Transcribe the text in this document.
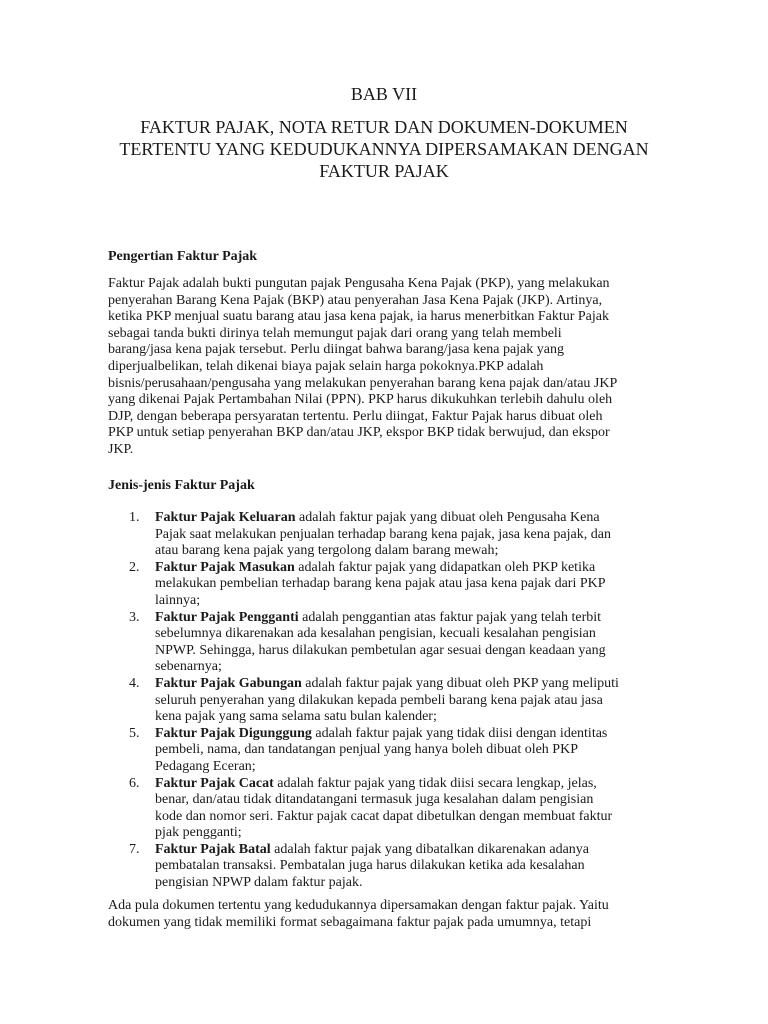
BAB VII
FAKTUR PAJAK, NOTA RETUR DAN DOKUMEN-DOKUMEN
TERTENTU YANG KEDUDUKANNYA DIPERSAMAKAN DENGAN
FAKTUR PAJAK
Pengertian Faktur Pajak
Faktur Pajak adalah bukti pungutan pajak Pengusaha Kena Pajak (PKP), yang melakukan
penyerahan Barang Kena Pajak (BKP) atau penyerahan Jasa Kena Pajak (JKP). Artinya,
ketika PKP menjual suatu barang atau jasa kena pajak, ia harus menerbitkan Faktur Pajak
sebagai tanda bukti dirinya telah memungut pajak dari orang yang telah membeli
barang/jasa kena pajak tersebut. Perlu diingat bahwa barang/jasa kena pajak yang
diperjualbelikan, telah dikenai biaya pajak selain harga pokoknya.PKP adalah
bisnis/perusahaan/pengusaha yang melakukan penyerahan barang kena pajak dan/atau JKP
yang dikenai Pajak Pertambahan Nilai (PPN). PKP harus dikukuhkan terlebih dahulu oleh
DJP, dengan beberapa persyaratan tertentu. Perlu diingat, Faktur Pajak harus dibuat oleh
PKP untuk setiap penyerahan BKP dan/atau JKP, ekspor BKP tidak berwujud, dan ekspor
JKP.
Jenis-jenis Faktur Pajak
1. Faktur Pajak Keluaran adalah faktur pajak yang dibuat oleh Pengusaha Kena
Pajak saat melakukan penjualan terhadap barang kena pajak, jasa kena pajak, dan
atau barang kena pajak yang tergolong dalam barang mewah;
2. Faktur Pajak Masukan adalah faktur pajak yang didapatkan oleh PKP ketika
melakukan pembelian terhadap barang kena pajak atau jasa kena pajak dari PKP
lainnya;
3. Faktur Pajak Pengganti adalah penggantian atas faktur pajak yang telah terbit
sebelumnya dikarenakan ada kesalahan pengisian, kecuali kesalahan pengisian
NPWP. Sehingga, harus dilakukan pembetulan agar sesuai dengan keadaan yang
sebenarnya;
4. Faktur Pajak Gabungan adalah faktur pajak yang dibuat oleh PKP yang meliputi
seluruh penyerahan yang dilakukan kepada pembeli barang kena pajak atau jasa
kena pajak yang sama selama satu bulan kalender;
5. Faktur Pajak Digunggung adalah faktur pajak yang tidak diisi dengan identitas
pembeli, nama, dan tandatangan penjual yang hanya boleh dibuat oleh PKP
Pedagang Eceran;
6. Faktur Pajak Cacat adalah faktur pajak yang tidak diisi secara lengkap, jelas,
benar, dan/atau tidak ditandatangani termasuk juga kesalahan dalam pengisian
kode dan nomor seri. Faktur pajak cacat dapat dibetulkan dengan membuat faktur
pjak pengganti;
7. Faktur Pajak Batal adalah faktur pajak yang dibatalkan dikarenakan adanya
pembatalan transaksi. Pembatalan juga harus dilakukan ketika ada kesalahan
pengisian NPWP dalam faktur pajak.
Ada pula dokumen tertentu yang kedudukannya dipersamakan dengan faktur pajak. Yaitu
dokumen yang tidak memiliki format sebagaimana faktur pajak pada umumnya, tetapi
